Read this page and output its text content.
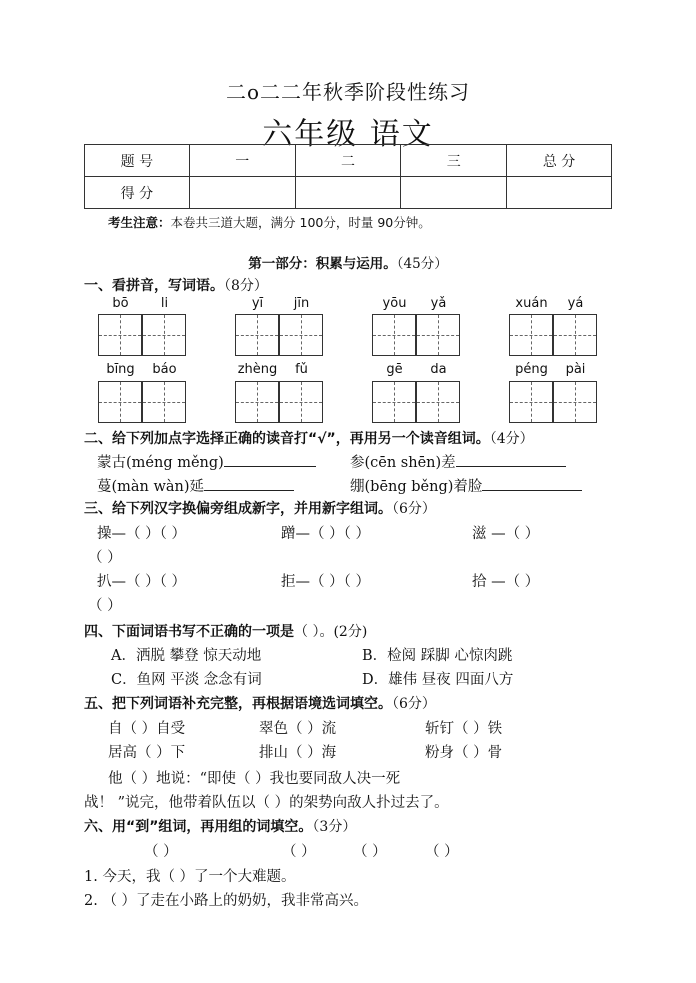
二o二二年秋季阶段性练习
六年级 语文
题 号	一	二	三	总 分
得 分				
考生注意：本卷共三道大题，满分 100分，时量 90分钟。
第一部分：积累与运用。（45分）
一、看拼音，写词语。（8分）
bō	li	yī	jīn	yōu	yǎ	xuán	yá
bīng	báo	zhèng	fǔ	gē	da	péng	pài
二、给下列加点字选择正确的读音打“√”，再用另一个读音组词。（4分）
蒙古(méng měng)	参(cēn shēn)差
蔓(màn wàn)延	绷(bēng běng)着脸
三、给下列汉字换偏旁组成新字，并用新字组词。（6分）
操—（ ）（ ）	蹭—（ ）（ ）	滋 —（ ）
（ ）
扒—（ ）（ ）	拒—（ ）（ ）	拾 —（ ）
（ ）
四、下面词语书写不正确的一项是（ ）。(2分)
A．洒脱 攀登 惊天动地	B．检阅 踩脚 心惊肉跳
C．鱼网 平淡 念念有词	D．雄伟 昼夜 四面八方
五、把下列词语补充完整，再根据语境选词填空。（6分）
自（ ）自受	翠色（ ）流	斩钉（ ）铁
居高（ ）下	排山（ ）海	粉身（ ）骨
他（ ）地说：“即使（ ）我也要同敌人决一死
战！ ”说完，他带着队伍以（ ）的架势向敌人扑过去了。
六、用“到”组词，再用组的词填空。（3分）
（ ）	（ ）	（ ）	（ ）
1. 今天，我（ ）了一个大难题。
2. （ ）了走在小路上的奶奶，我非常高兴。
